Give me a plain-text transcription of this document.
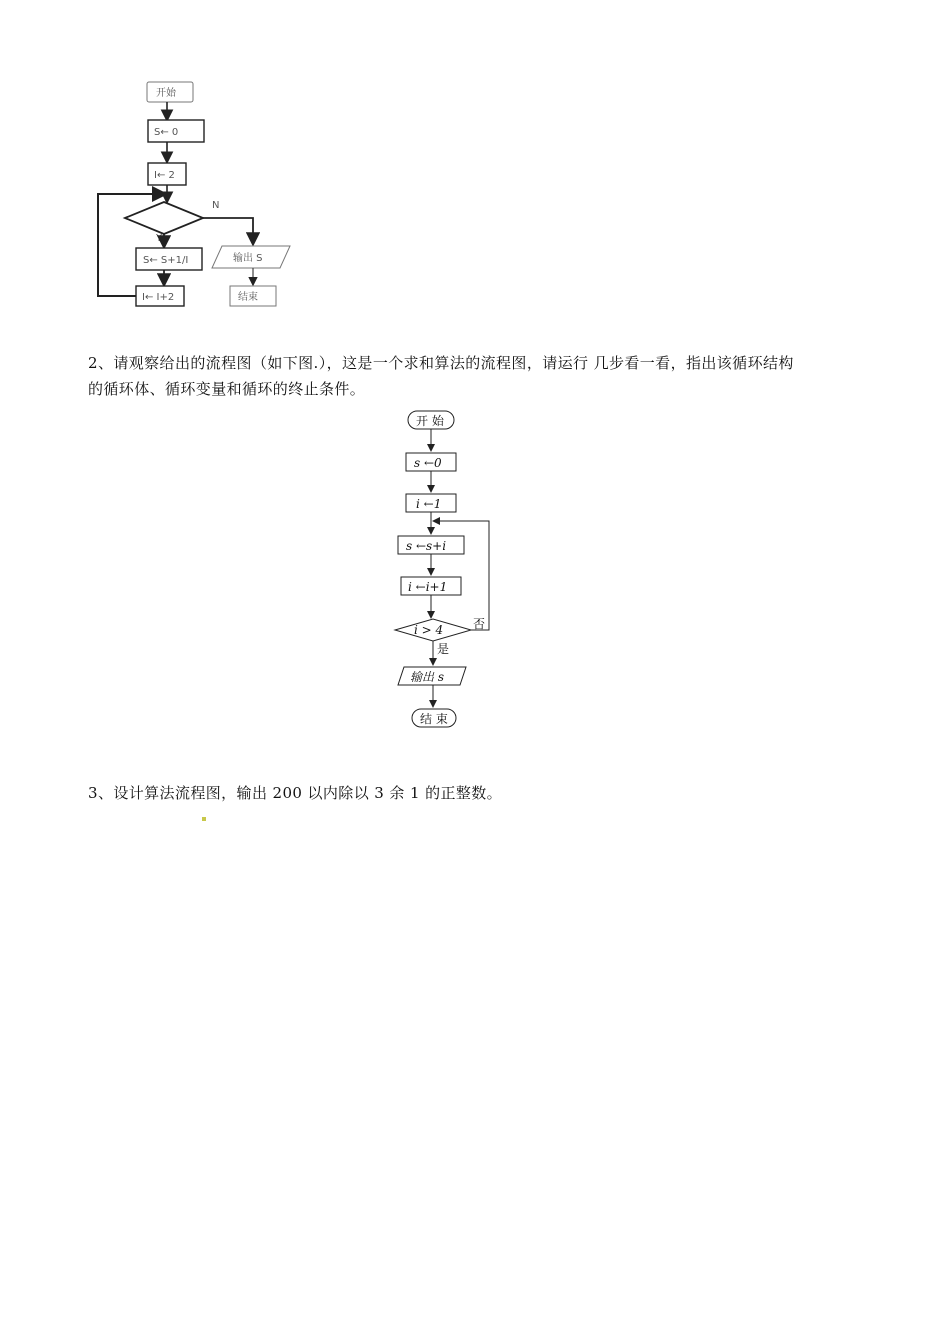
开始
S← 0
I← 2
Y
N
S← S+1/I
I← I+2
输出 S
结束
2、请观察给出的流程图（如下图.），这是一个求和算法的流程图，请运行 几步看一看，指出该循环结构
的循环体、循环变量和循环的终止条件。
开 始
s ←0
i ←1
s ←s+i
i ←i+1
i > 4 否
是
输出 s
结 束
3、设计算法流程图，输出 200 以内除以 3 余 1 的正整数。
